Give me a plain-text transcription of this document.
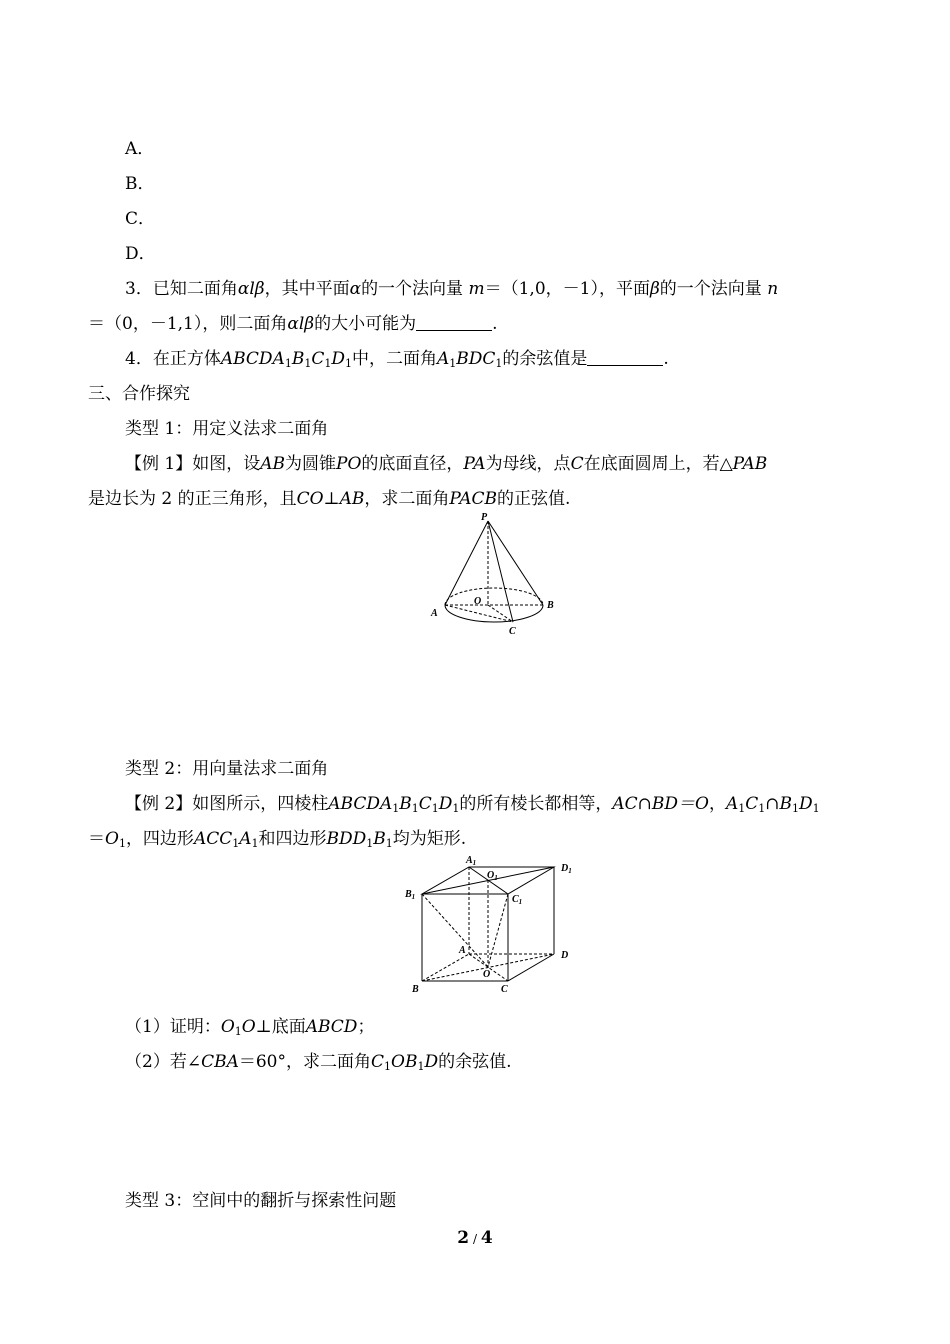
A．
B．
C．
D．
3．已知二面角αlβ，其中平面α的一个法向量 m＝（1,0，－1），平面β的一个法向量 n
＝（0，－1,1），则二面角αlβ的大小可能为	.
4．在正方体$ABCDA_1B_1C_1D_1$中，二面角$A_1BDC_1$的余弦值是	.
三、合作探究
类型 1：用定义法求二面角
【例 1】如图，设AB为圆锥PO的底面直径，PA为母线，点C在底面圆周上，若△PAB
是边长为 2 的正三角形，且CO⊥AB，求二面角PACB的正弦值.
P
O
A
B
C
类型 2：用向量法求二面角
【例 2】如图所示，四棱柱$ABCDA_1B_1C_1D_1$的所有棱长都相等，AC∩BD＝O，$A_1C_1\cap B_1D_1$
$=O_1$，四边形$ACC_1A_1$和四边形$BDD_1B_1$均为矩形.
$A_1$
$O_1$
$D_1$
$B_1$	$C_1$
A
O
D
B	C
（1）证明：$O_1O\perp$底面ABCD；
（2）若∠CBA＝60°，求二面角$C_1OB_1D$的余弦值.
类型 3：空间中的翻折与探索性问题
2 / 4
